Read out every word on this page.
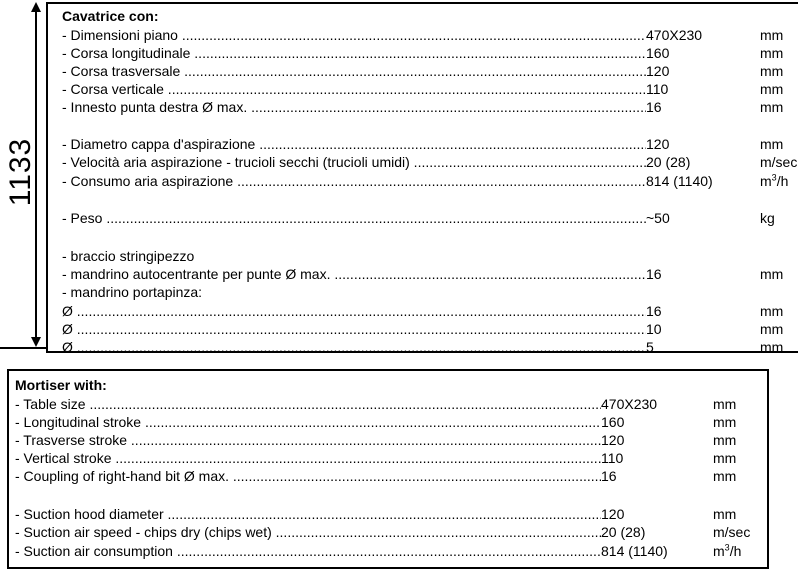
1133
Cavatrice con:
- Dimensioni piano .....	470X230	mm
- Corsa longitudinale .....	160	mm
- Corsa trasversale .....	120	mm
- Corsa verticale .....	110	mm
- Innesto punta destra Ø max. .....	16	mm
- Diametro cappa d'aspirazione .....	120	mm
- Velocità aria aspirazione - trucioli secchi (trucioli umidi) .....	20 (28)	m/sec
- Consumo aria aspirazione .....	814 (1140)	$m^3/h$
- Peso .....	~50	kg
- braccio stringipezzo
- mandrino autocentrante per punte Ø max. .....	16	mm
- mandrino portapinza:
Ø .....	16	mm
Ø .....	10	mm
Ø .....	5	mm
Mortiser with:
- Table size .....	470X230	mm
- Longitudinal stroke .....	160	mm
- Trasverse stroke .....	120	mm
- Vertical stroke .....	110	mm
- Coupling of right-hand bit Ø max. .....	16	mm
- Suction hood diameter .....	120	mm
- Suction air speed - chips dry (chips wet) .....	20 (28)	m/sec
- Suction air consumption .....	814 (1140)	$m^3/h$
